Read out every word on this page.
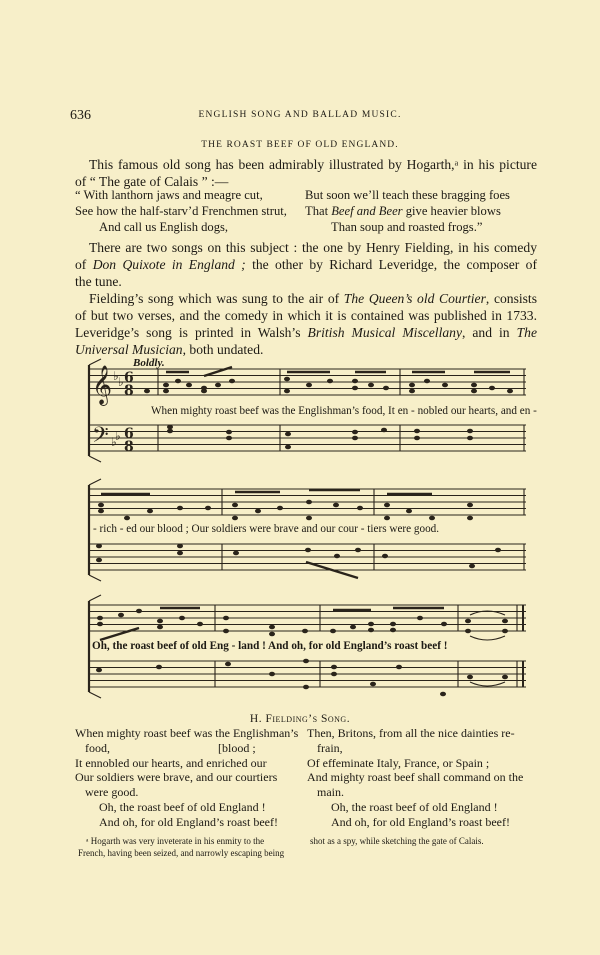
636	ENGLISH SONG AND BALLAD MUSIC.
THE ROAST BEEF OF OLD ENGLAND.
This famous old song has been admirably illustrated by Hogarth,ᵃ in his picture
of “ The gate of Calais ” :—
“ With lanthorn jaws and meagre cut,
See how the half-starv’d Frenchmen strut,
And call us English dogs,
But soon we’ll teach these bragging foes
That Beef and Beer give heavier blows
Than soup and roasted frogs.”
There are two songs on this subject : the one by Henry Fielding, in his comedy
of Don Quixote in England ; the other by Richard Leveridge, the composer of
the tune.
Fielding’s song which was sung to the air of The Queen’s old Courtier, consists
of but two verses, and the comedy in which it is contained was published in 1733.
Leveridge’s song is printed in Walsh’s British Musical Miscellany, and in The
Universal Musician, both undated.
Boldly.
𝄞
𝄢
♭ ♭
♭
♭
6
8
6
8
When mighty roast beef was the Englishman’s food, It en - nobled our hearts, and en -
- rich - ed our blood ; Our soldiers were brave and our cour - tiers were good.
Oh, the roast beef of old Eng - land ! And oh, for old England’s roast beef !
H. Fielding’s Song.
When mighty roast beef was the Englishman’s
food,                                    [blood ;
It ennobled our hearts, and enriched our
Our soldiers were brave, and our courtiers
were good.
Oh, the roast beef of old England !
And oh, for old England’s roast beef!
Then, Britons, from all the nice dainties re-
frain,
Of effeminate Italy, France, or Spain ;
And mighty roast beef shall command on the
main.
Oh, the roast beef of old England !
And oh, for old England’s roast beef!
ᵃ Hogarth was very inveterate in his enmity to the
French, having been seized, and narrowly escaping being
shot as a spy, while sketching the gate of Calais.
